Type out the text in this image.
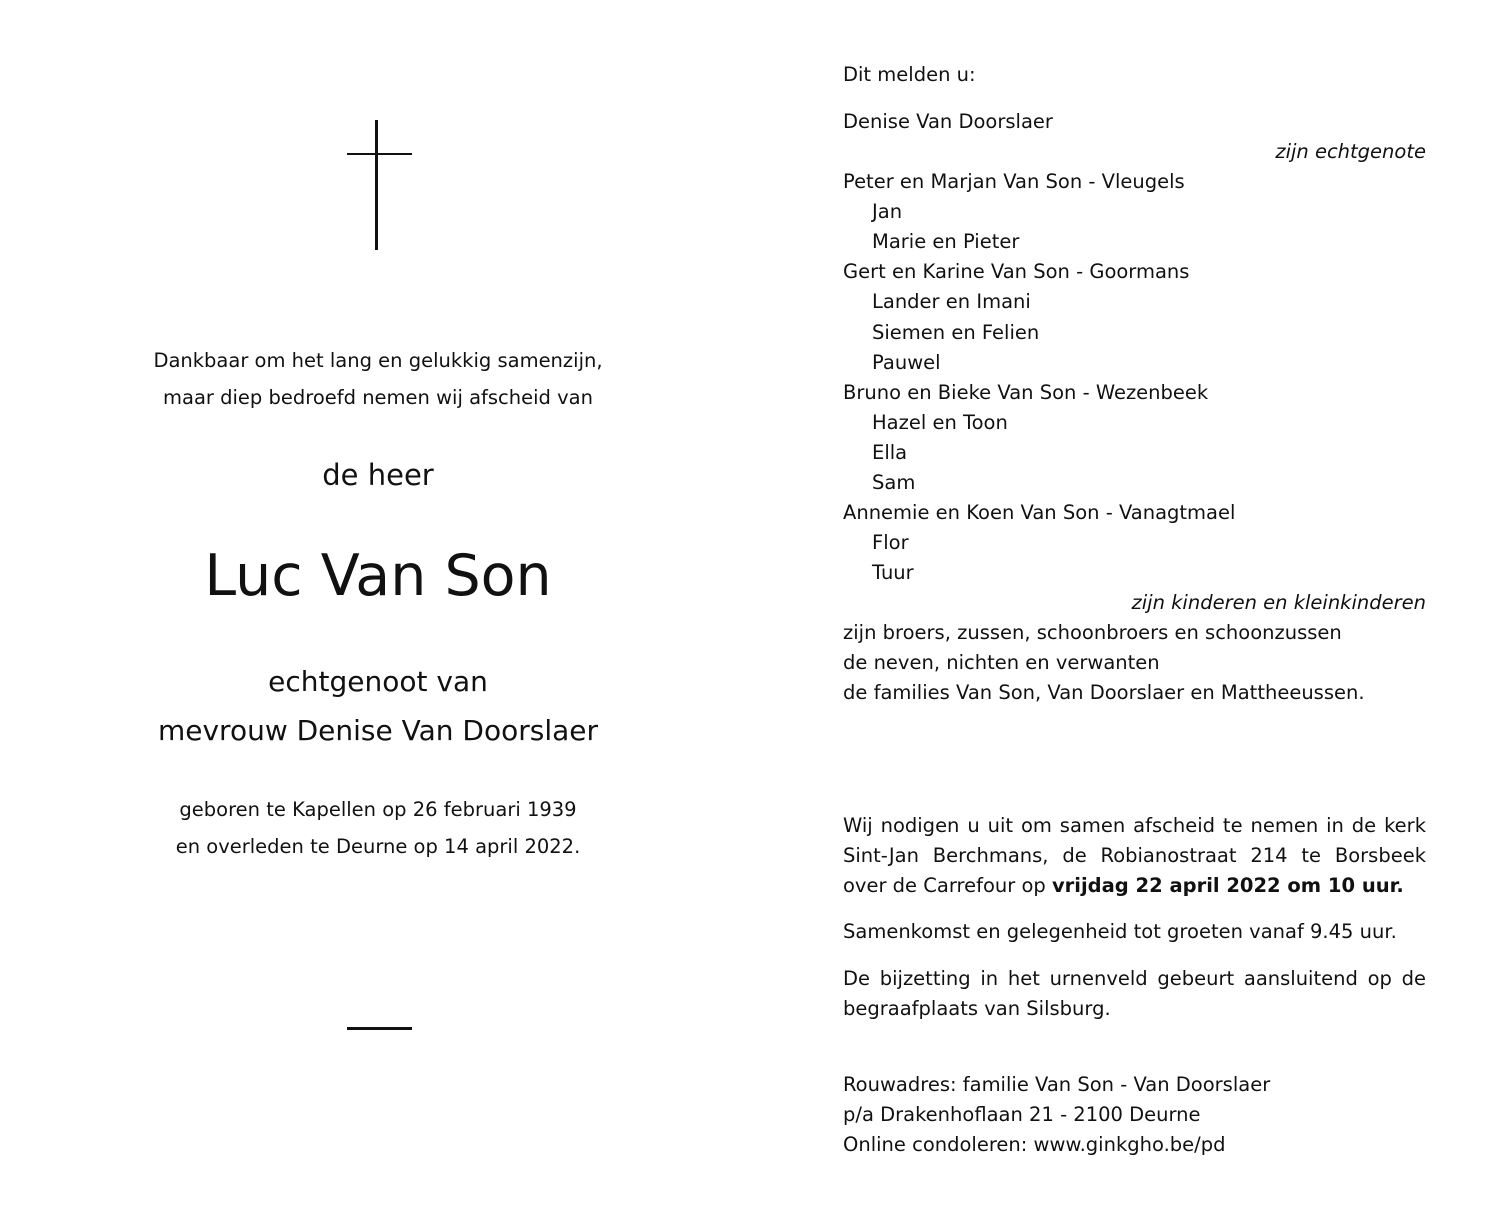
Dankbaar om het lang en gelukkig samenzijn,
maar diep bedroefd nemen wij afscheid van
de heer
Luc Van Son
echtgenoot van
mevrouw Denise Van Doorslaer
geboren te Kapellen op 26 februari 1939
en overleden te Deurne op 14 april 2022.
Dit melden u:
Denise Van Doorslaer
zijn echtgenote
Peter en Marjan Van Son - Vleugels
Jan
Marie en Pieter
Gert en Karine Van Son - Goormans
Lander en Imani
Siemen en Felien
Pauwel
Bruno en Bieke Van Son - Wezenbeek
Hazel en Toon
Ella
Sam
Annemie en Koen Van Son - Vanagtmael
Flor
Tuur
zijn kinderen en kleinkinderen
zijn broers, zussen, schoonbroers en schoonzussen
de neven, nichten en verwanten
de families Van Son, Van Doorslaer en Mattheeussen.
Wij nodigen u uit om samen afscheid te nemen in de kerk Sint-Jan Berchmans, de Robianostraat 214 te Borsbeek over de Carrefour op vrijdag 22 april 2022 om 10 uur.
Samenkomst en gelegenheid tot groeten vanaf 9.45 uur.
De bijzetting in het urnenveld gebeurt aansluitend op de begraafplaats van Silsburg.
Rouwadres: familie Van Son - Van Doorslaer
p/a Drakenhoflaan 21 - 2100 Deurne
Online condoleren: www.ginkgho.be/pd
